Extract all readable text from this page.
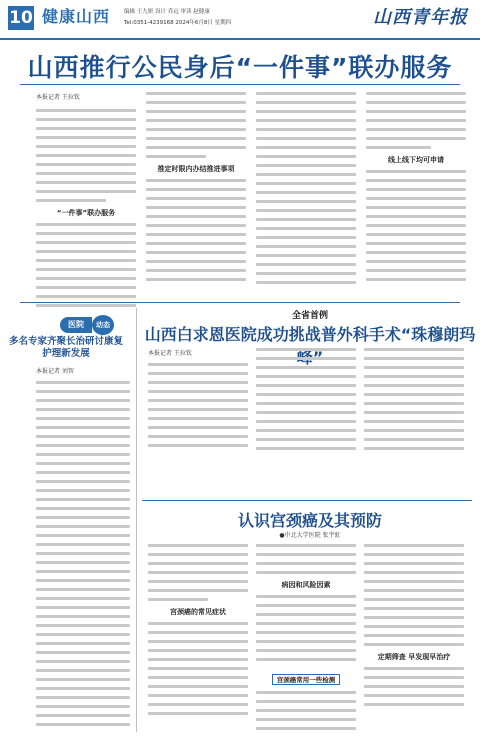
10 健康山西	编辑 王九妍 设计 乔远 审读 赵健康
Tel:0351-4239168 2024年6月8日 星期四	山西青年报
山西推行公民身后“一件事”联办服务
本报记者 王拉钦
“一件事”联办服务
推定时限内办结推进事项
线上线下均可申请
医院	动态
多名专家齐聚长治研讨康复护理新发展
本报记者 刘智
全省首例
山西白求恩医院成功挑战普外科手术“珠穆朗玛
本报记者 王拉钦
认识宫颈癌及其预防
●中北大学医院 张宇虹
宫颈癌的常见症状
病因和风险因素
宫颈癌常用一些检测
定期筛查 早发现早治疗
